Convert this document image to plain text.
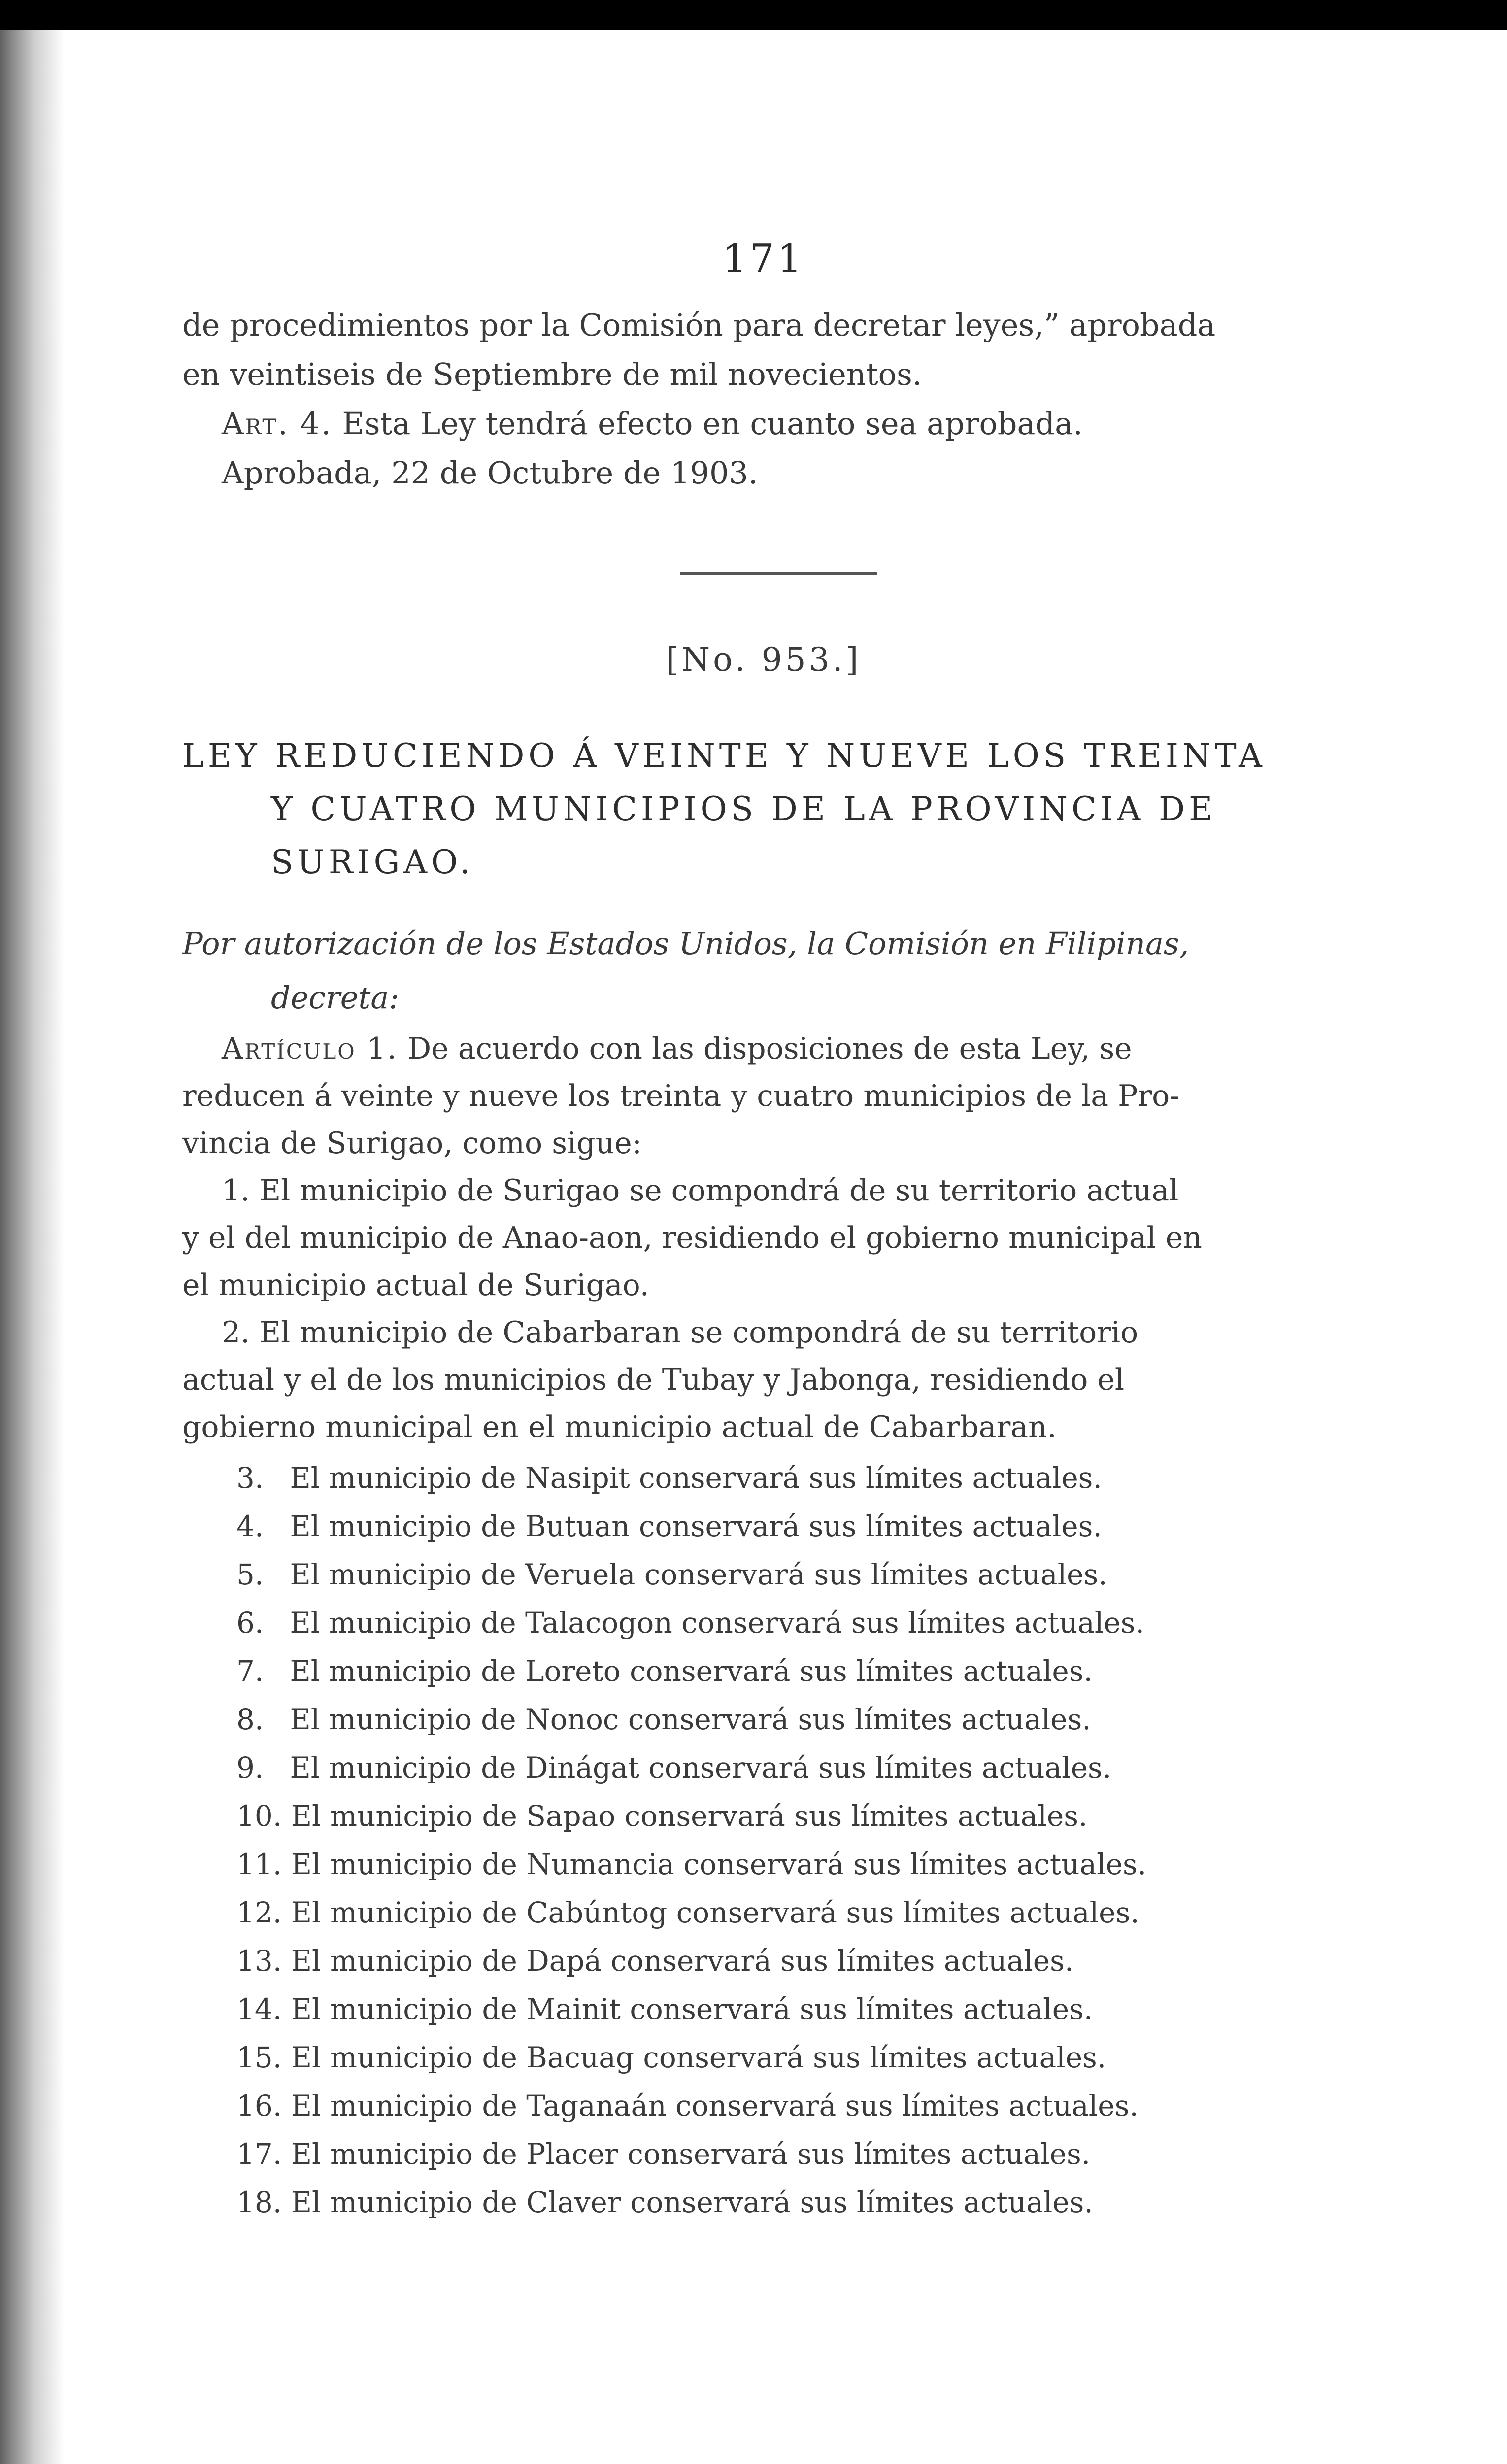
171
de procedimientos por la Comisión para decretar leyes,” aprobada
en veintiseis de Septiembre de mil novecientos.
Art. 4. Esta Ley tendrá efecto en cuanto sea aprobada.
Aprobada, 22 de Octubre de 1903.
[No. 953.]
LEY REDUCIENDO Á VEINTE Y NUEVE LOS TREINTA
Y CUATRO MUNICIPIOS DE LA PROVINCIA DE
SURIGAO.
Por autorización de los Estados Unidos, la Comisión en Filipinas,
decreta:
Artículo 1. De acuerdo con las disposiciones de esta Ley, se
reducen á veinte y nueve los treinta y cuatro municipios de la Pro-
vincia de Surigao, como sigue:
1. El municipio de Surigao se compondrá de su territorio actual
y el del municipio de Anao-aon, residiendo el gobierno municipal en
el municipio actual de Surigao.
2. El municipio de Cabarbaran se compondrá de su territorio
actual y el de los municipios de Tubay y Jabonga, residiendo el
gobierno municipal en el municipio actual de Cabarbaran.
3. El municipio de Nasipit conservará sus límites actuales.
4. El municipio de Butuan conservará sus límites actuales.
5. El municipio de Veruela conservará sus límites actuales.
6. El municipio de Talacogon conservará sus límites actuales.
7. El municipio de Loreto conservará sus límites actuales.
8. El municipio de Nonoc conservará sus límites actuales.
9. El municipio de Dinágat conservará sus límites actuales.
10. El municipio de Sapao conservará sus límites actuales.
11. El municipio de Numancia conservará sus límites actuales.
12. El municipio de Cabúntog conservará sus límites actuales.
13. El municipio de Dapá conservará sus límites actuales.
14. El municipio de Mainit conservará sus límites actuales.
15. El municipio de Bacuag conservará sus límites actuales.
16. El municipio de Taganaán conservará sus límites actuales.
17. El municipio de Placer conservará sus límites actuales.
18. El municipio de Claver conservará sus límites actuales.
